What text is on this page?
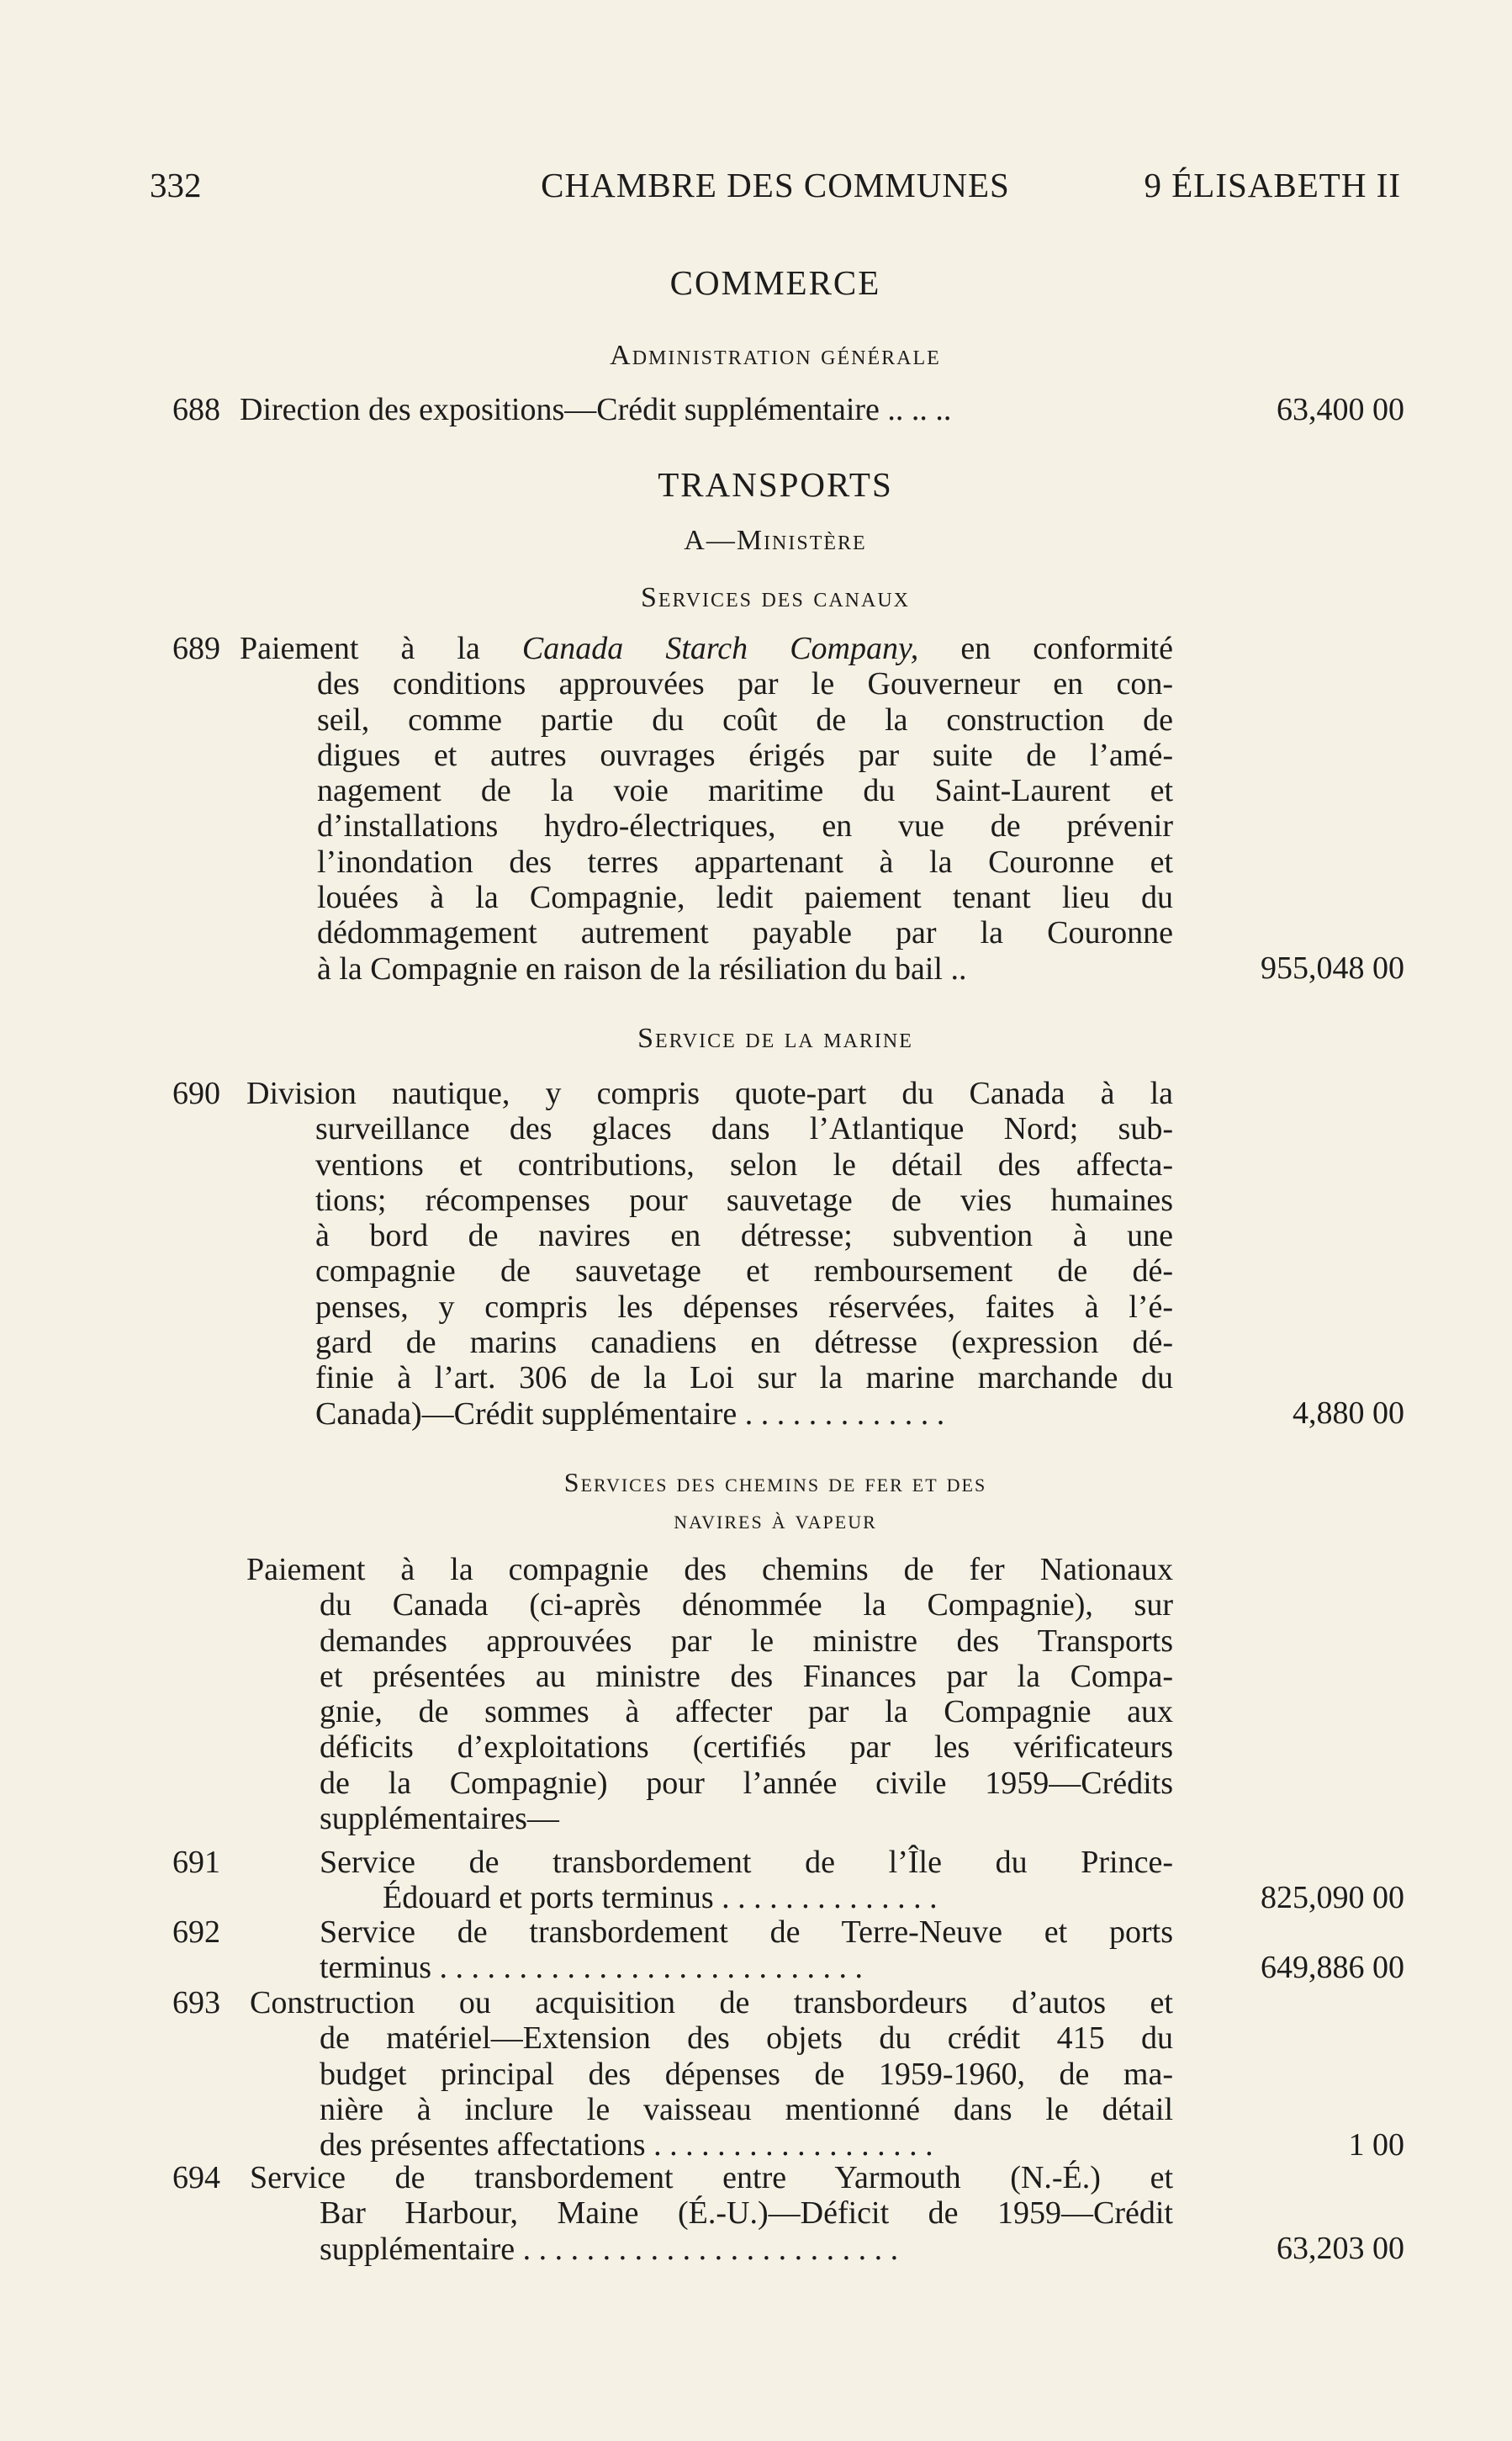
332	CHAMBRE DES COMMUNES	9 ÉLISABETH II
COMMERCE
Administration générale
688 Direction des expositions—Crédit supplémentaire .. .. ..	63,400 00
TRANSPORTS
A—Ministère
Services des canaux
689 Paiement à la Canada Starch Company, en conformité
des conditions approuvées par le Gouverneur en con-
seil, comme partie du coût de la construction de
digues et autres ouvrages érigés par suite de l’amé-
nagement de la voie maritime du Saint-Laurent et
d’installations hydro-électriques, en vue de prévenir
l’inondation des terres appartenant à la Couronne et
louées à la Compagnie, ledit paiement tenant lieu du
dédommagement autrement payable par la Couronne
à la Compagnie en raison de la résiliation du bail ..	955,048 00
Service de la marine
690 Division nautique, y compris quote-part du Canada à la
surveillance des glaces dans l’Atlantique Nord; sub-
ventions et contributions, selon le détail des affecta-
tions; récompenses pour sauvetage de vies humaines
à bord de navires en détresse; subvention à une
compagnie de sauvetage et remboursement de dé-
penses, y compris les dépenses réservées, faites à l’é-
gard de marins canadiens en détresse (expression dé-
finie à l’art. 306 de la Loi sur la marine marchande du
Canada)—Crédit supplémentaire . . . . . . . . . . . . .	4,880 00
Services des chemins de fer et des
navires à vapeur
Paiement à la compagnie des chemins de fer Nationaux
du Canada (ci-après dénommée la Compagnie), sur
demandes approuvées par le ministre des Transports
et présentées au ministre des Finances par la Compa-
gnie, de sommes à affecter par la Compagnie aux
déficits d’exploitations (certifiés par les vérificateurs
de la Compagnie) pour l’année civile 1959—Crédits
supplémentaires—
691	Service de transbordement de l’Île du Prince-
Édouard et ports terminus . . . . . . . . . . . . . .	825,090 00
692	Service de transbordement de Terre-Neuve et ports
terminus . . . . . . . . . . . . . . . . . . . . . . . . . . .	649,886 00
693 Construction ou acquisition de transbordeurs d’autos et
de matériel—Extension des objets du crédit 415 du
budget principal des dépenses de 1959-1960, de ma-
nière à inclure le vaisseau mentionné dans le détail
des présentes affectations . . . . . . . . . . . . . . . . . .	1 00
694 Service de transbordement entre Yarmouth (N.-É.) et
Bar Harbour, Maine (É.-U.)—Déficit de 1959—Crédit
supplémentaire . . . . . . . . . . . . . . . . . . . . . . . .	63,203 00
